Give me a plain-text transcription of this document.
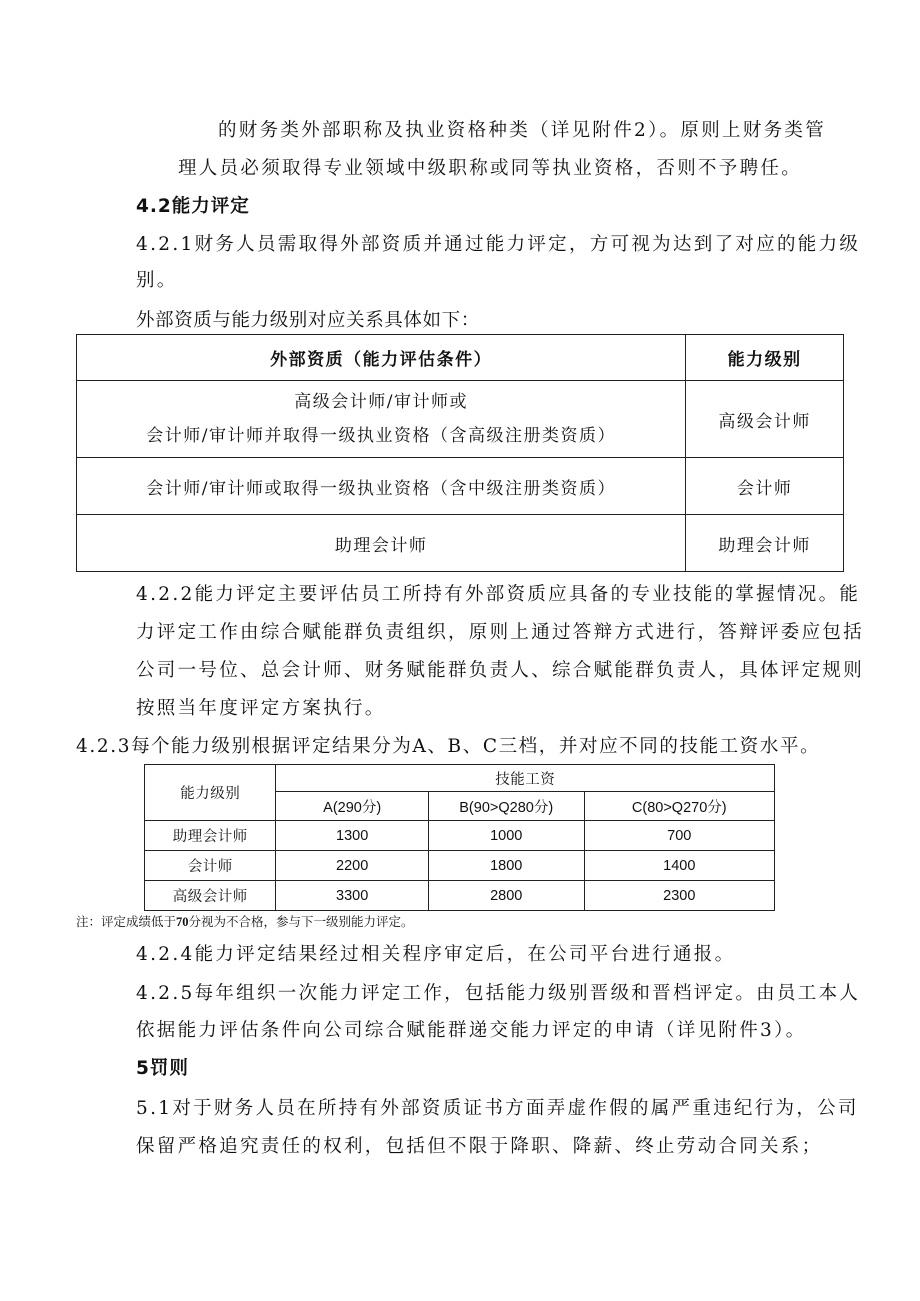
的财务类外部职称及执业资格种类（详见附件2）。原则上财务类管
理人员必须取得专业领域中级职称或同等执业资格，否则不予聘任。
4.2能力评定
4.2.1财务人员需取得外部资质并通过能力评定，方可视为达到了对应的能力级
别。
外部资质与能力级别对应关系具体如下：
外部资质（能力评估条件）	能力级别

高级会计师/审计师或
会计师/审计师并取得一级执业资格（含高级注册类资质）	高级会计师
会计师/审计师或取得一级执业资格（含中级注册类资质）	会计师
助理会计师	助理会计师
4.2.2能力评定主要评估员工所持有外部资质应具备的专业技能的掌握情况。能
力评定工作由综合赋能群负责组织，原则上通过答辩方式进行，答辩评委应包括
公司一号位、总会计师、财务赋能群负责人、综合赋能群负责人，具体评定规则
按照当年度评定方案执行。
4.2.3每个能力级别根据评定结果分为A、B、C三档，并对应不同的技能工资水平。
能力级别	技能工资		
	A(290分)	B(90>Q280分)	C(80>Q270分)
助理会计师	1300	1000	700
会计师	2200	1800	1400
高级会计师	3300	2800	2300
注：评定成绩低于70分视为不合格，参与下一级别能力评定。
4.2.4能力评定结果经过相关程序审定后，在公司平台进行通报。
4.2.5每年组织一次能力评定工作，包括能力级别晋级和晋档评定。由员工本人
依据能力评估条件向公司综合赋能群递交能力评定的申请（详见附件3）。
5罚则
5.1对于财务人员在所持有外部资质证书方面弄虚作假的属严重违纪行为，公司
保留严格追究责任的权利，包括但不限于降职、降薪、终止劳动合同关系；
